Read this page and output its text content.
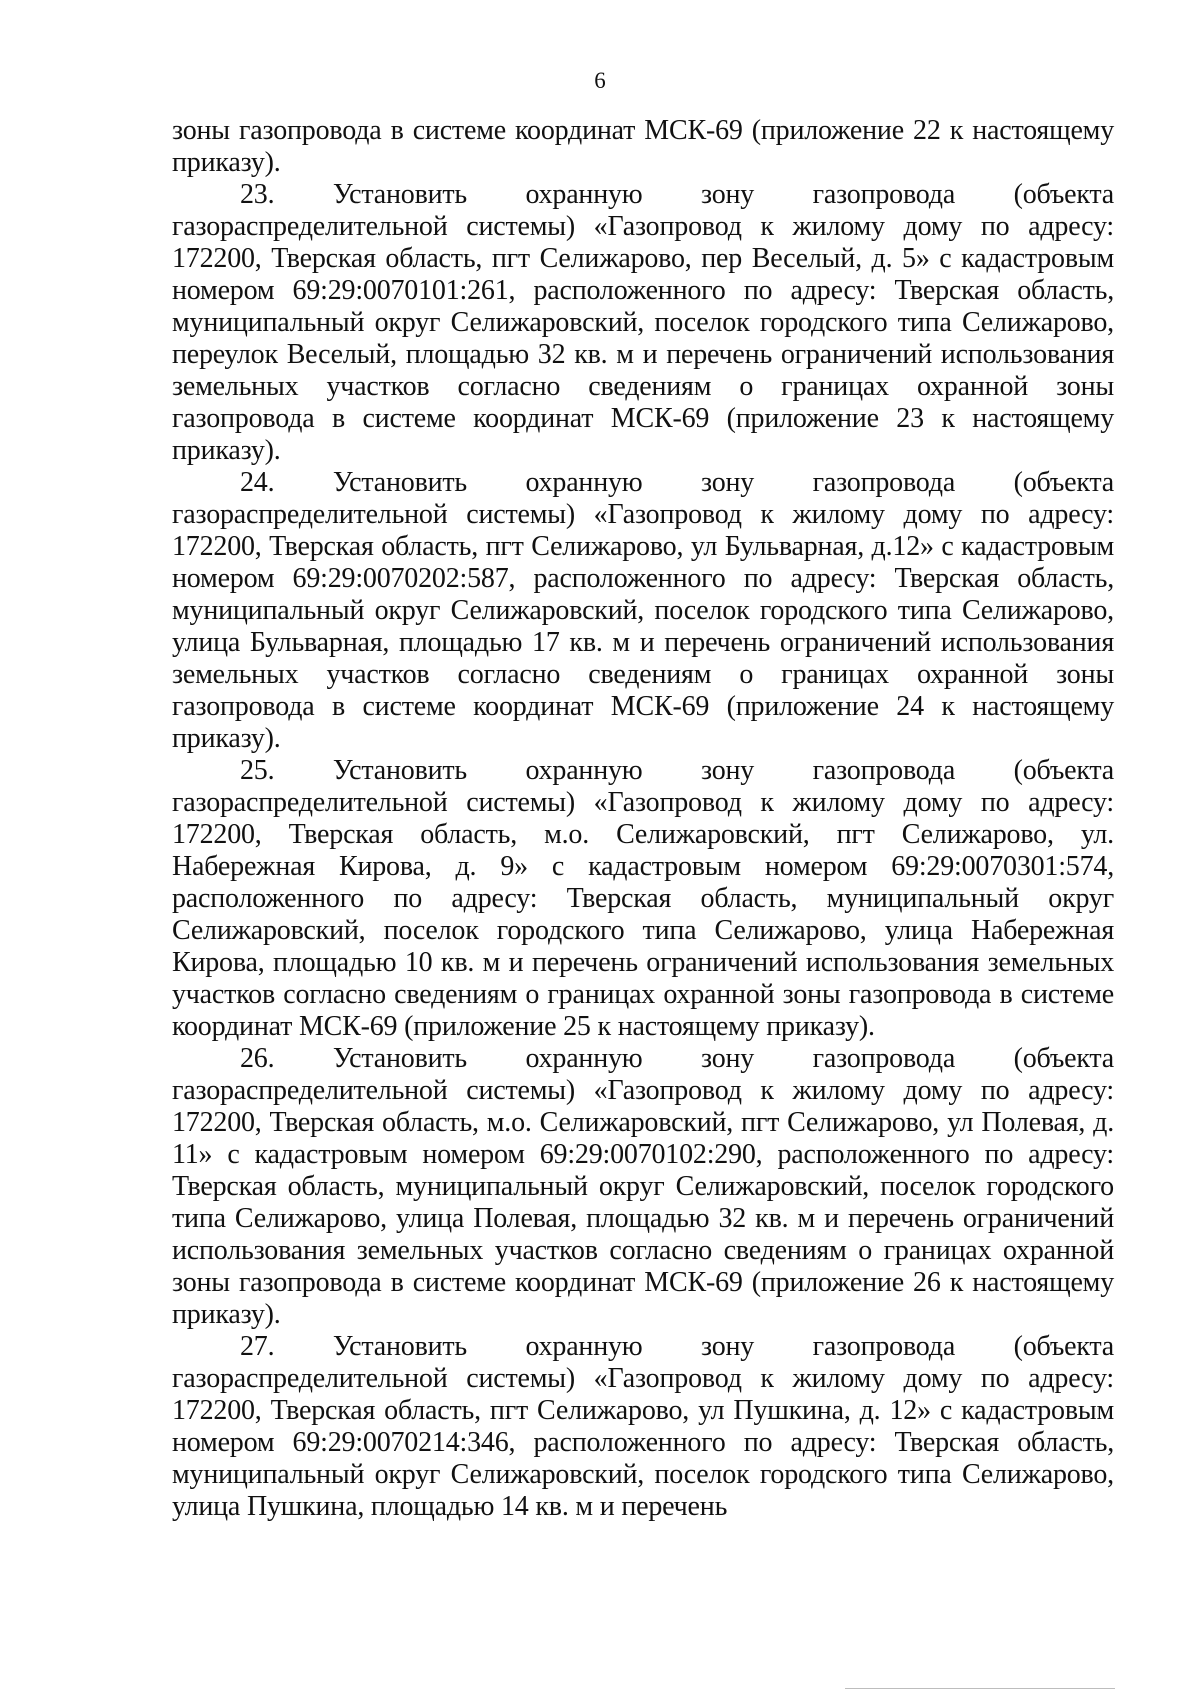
6

зоны газопровода в системе координат МСК-69 (приложение 22 к настоящему приказу).

23. Установить охранную зону газопровода (объекта газораспределительной системы) «Газопровод к жилому дому по адресу: 172200, Тверская область, пгт Селижарово, пер Веселый, д. 5» с кадастровым номером 69:29:0070101:261, расположенного по адресу: Тверская область, муниципальный округ Селижаровский, поселок городского типа Селижарово, переулок Веселый, площадью 32 кв. м и перечень ограничений использования земельных участков согласно сведениям о границах охранной зоны газопровода в системе координат МСК-69 (приложение 23 к настоящему приказу).

24. Установить охранную зону газопровода (объекта газораспределительной системы) «Газопровод к жилому дому по адресу: 172200, Тверская область, пгт Селижарово, ул Бульварная, д.12» с кадастровым номером 69:29:0070202:587, расположенного по адресу: Тверская область, муниципальный округ Селижаровский, поселок городского типа Селижарово, улица Бульварная, площадью 17 кв. м и перечень ограничений использования земельных участков согласно сведениям о границах охранной зоны газопровода в системе координат МСК-69 (приложение 24 к настоящему приказу).

25. Установить охранную зону газопровода (объекта газораспределительной системы) «Газопровод к жилому дому по адресу: 172200, Тверская область, м.о. Селижаровский, пгт Селижарово, ул. Набережная Кирова, д. 9» с кадастровым номером 69:29:0070301:574, расположенного по адресу: Тверская область, муниципальный округ Селижаровский, поселок городского типа Селижарово, улица Набережная Кирова, площадью 10 кв. м и перечень ограничений использования земельных участков согласно сведениям о границах охранной зоны газопровода в системе координат МСК-69 (приложение 25 к настоящему приказу).

26. Установить охранную зону газопровода (объекта газораспределительной системы) «Газопровод к жилому дому по адресу: 172200, Тверская область, м.о. Селижаровский, пгт Селижарово, ул Полевая, д. 11» с кадастровым номером 69:29:0070102:290, расположенного по адресу: Тверская область, муниципальный округ Селижаровский, поселок городского типа Селижарово, улица Полевая, площадью 32 кв. м и перечень ограничений использования земельных участков согласно сведениям о границах охранной зоны газопровода в системе координат МСК-69 (приложение 26 к настоящему приказу).

27. Установить охранную зону газопровода (объекта газораспределительной системы) «Газопровод к жилому дому по адресу: 172200, Тверская область, пгт Селижарово, ул Пушкина, д. 12» с кадастровым номером 69:29:0070214:346, расположенного по адресу: Тверская область, муниципальный округ Селижаровский, поселок городского типа Селижарово, улица Пушкина, площадью 14 кв. м и перечень
